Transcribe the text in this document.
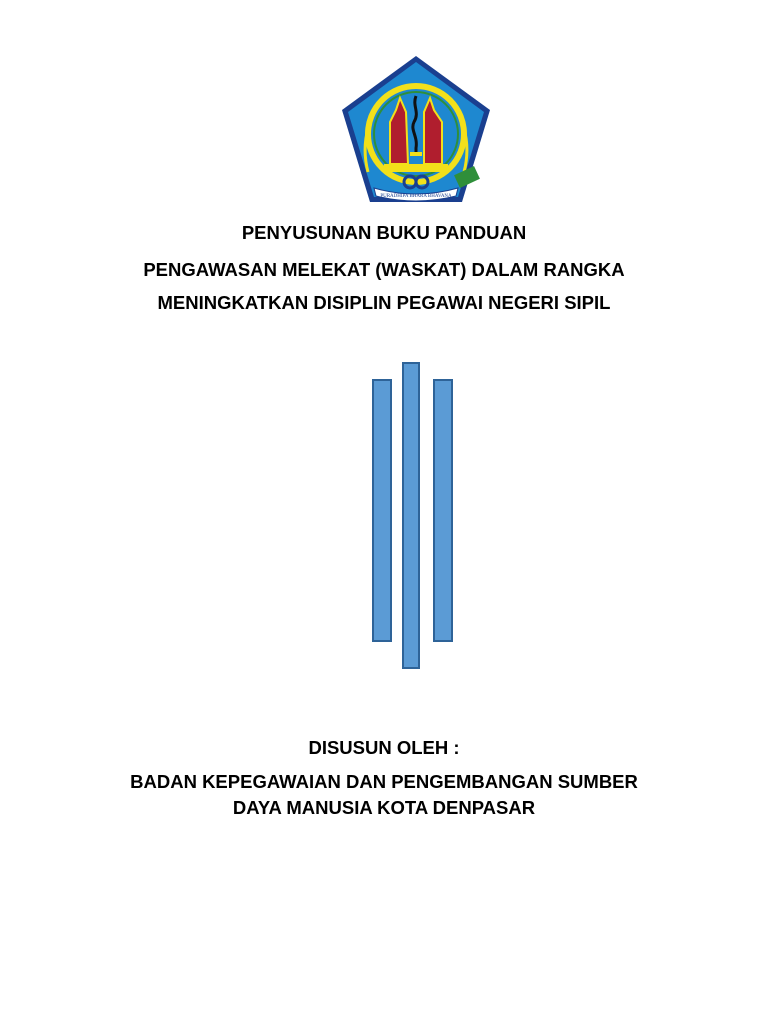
PURADHIPA BHARA BHAVANA
PENYUSUNAN BUKU PANDUAN
PENGAWASAN MELEKAT (WASKAT) DALAM RANGKA
MENINGKATKAN DISIPLIN PEGAWAI NEGERI SIPIL
DISUSUN OLEH :
BADAN KEPEGAWAIAN DAN PENGEMBANGAN SUMBER
DAYA MANUSIA KOTA DENPASAR
